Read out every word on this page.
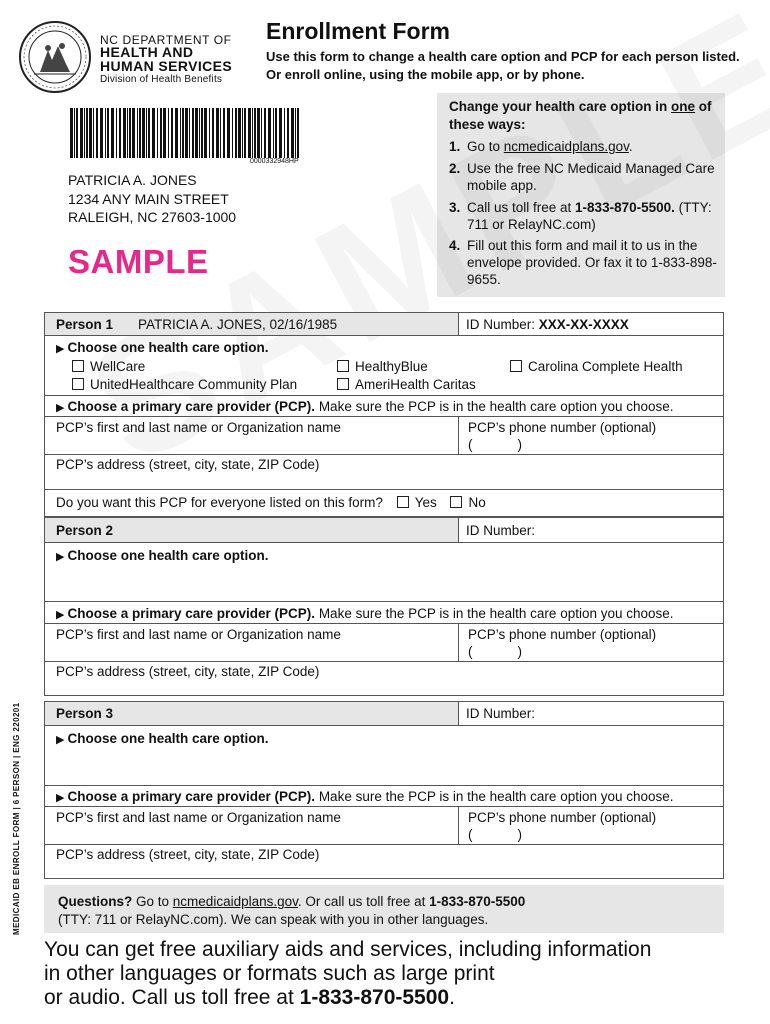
NC DEPARTMENT OF
HEALTH AND
HUMAN SERVICES
Division of Health Benefits
Enrollment Form
Use this form to change a health care option and PCP for each person listed. Or enroll online, using the mobile app, or by phone.
0000332948HP
PATRICIA A. JONES
1234 ANY MAIN STREET
RALEIGH, NC 27603-1000
SAMPLE
Change your health care option in one of these ways:
1. Go to ncmedicaidplans.gov.
2. Use the free NC Medicaid Managed Care mobile app.
3. Call us toll free at 1-833-870-5500. (TTY: 711 or RelayNC.com)
4. Fill out this form and mail it to us in the envelope provided. Or fax it to 1-833-898-9655.
Person 1 PATRICIA A. JONES, 02/16/1985	ID Number: XXX-XX-XXXX
▶ Choose one health care option.
WellCare	HealthyBlue	Carolina Complete Health
UnitedHealthcare Community Plan	AmeriHealth Caritas
▶ Choose a primary care provider (PCP). Make sure the PCP is in the health care option you choose.
PCP’s first and last name or Organization name	PCP’s phone number (optional)
(            )
PCP’s address (street, city, state, ZIP Code)
Do you want this PCP for everyone listed on this form? Yes No
Person 2	ID Number:
▶ Choose one health care option.
▶ Choose a primary care provider (PCP). Make sure the PCP is in the health care option you choose.
PCP’s first and last name or Organization name	PCP’s phone number (optional)
(            )
PCP’s address (street, city, state, ZIP Code)
Person 3	ID Number:
▶ Choose one health care option.
▶ Choose a primary care provider (PCP). Make sure the PCP is in the health care option you choose.
PCP’s first and last name or Organization name	PCP’s phone number (optional)
(            )
PCP’s address (street, city, state, ZIP Code)
Questions? Go to ncmedicaidplans.gov. Or call us toll free at 1-833-870-5500
(TTY: 711 or RelayNC.com). We can speak with you in other languages.
You can get free auxiliary aids and services, including information
in other languages or formats such as large print
or audio. Call us toll free at 1-833-870-5500.
MEDICAID EB ENROLL FORM | 6 PERSON | ENG 220201
